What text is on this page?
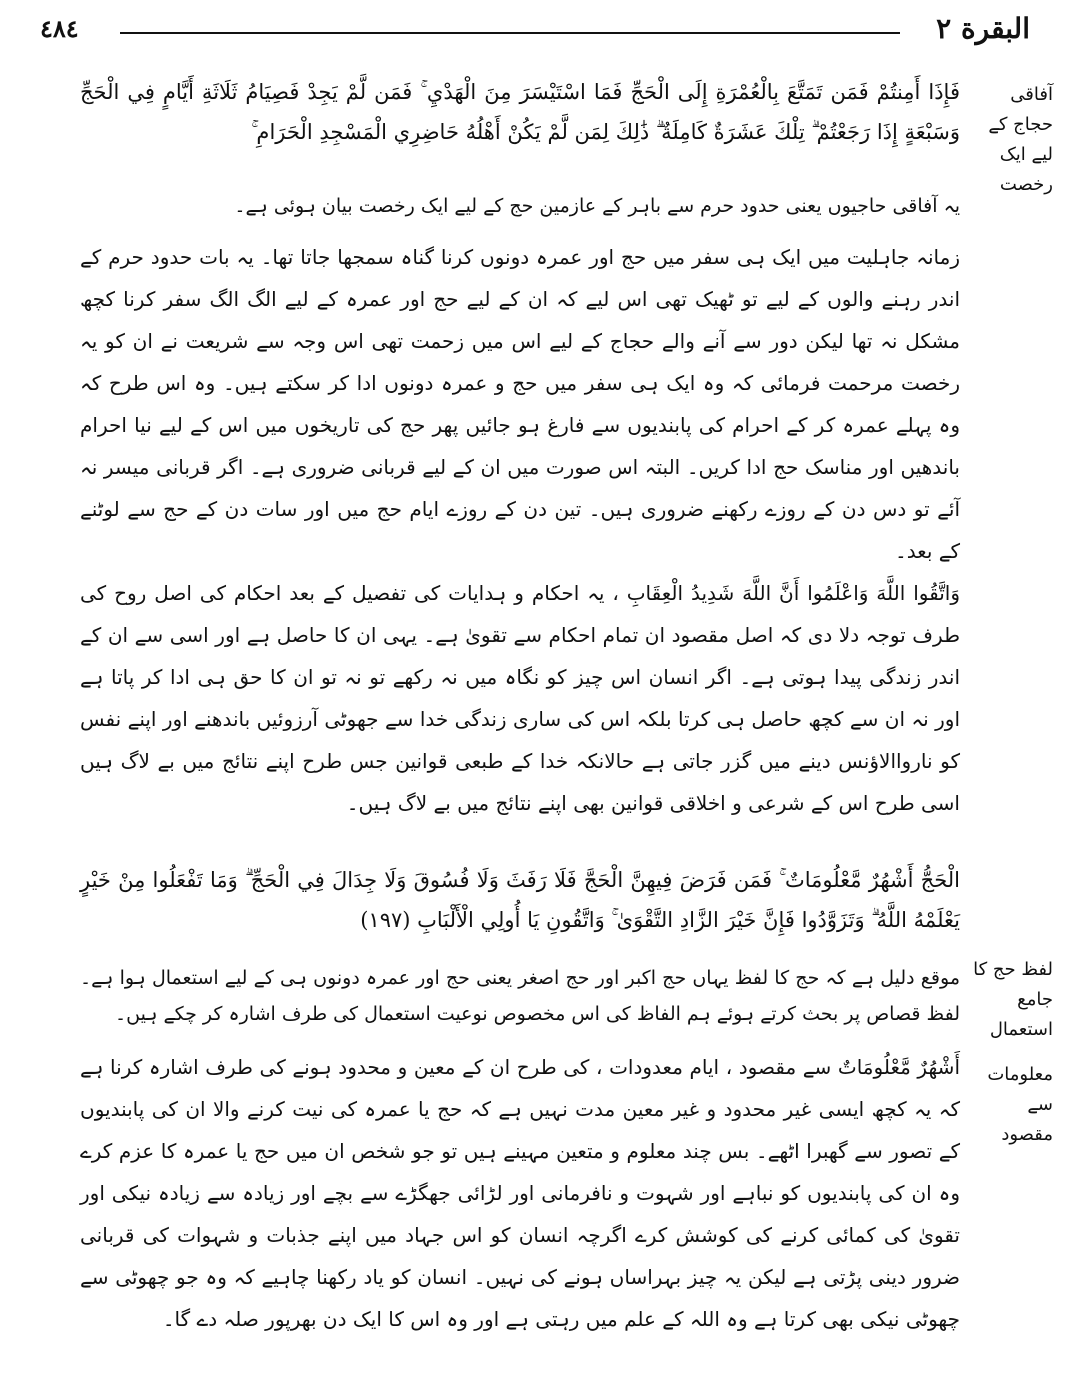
البقرة ٢
٤٨٤
آفاقی حجاج کے لیے ایک رخصت
لفظ حج کا جامع استعمال
معلومات سے مقصود
فَإِذَا أَمِنتُمْ فَمَن تَمَتَّعَ بِالْعُمْرَةِ إِلَى الْحَجِّ فَمَا اسْتَيْسَرَ مِنَ الْهَدْيِ ۚ فَمَن لَّمْ يَجِدْ فَصِيَامُ ثَلَاثَةِ أَيَّامٍ فِي الْحَجِّ وَسَبْعَةٍ إِذَا رَجَعْتُمْ ۗ تِلْكَ عَشَرَةٌ كَامِلَةٌ ۗ ذَٰلِكَ لِمَن لَّمْ يَكُنْ أَهْلُهُ حَاضِرِي الْمَسْجِدِ الْحَرَامِ ۚ
یہ آفاقی حاجیوں یعنی حدود حرم سے باہر کے عازمین حج کے لیے ایک رخصت بیان ہوئی ہے۔
زمانہ جاہلیت میں ایک ہی سفر میں حج اور عمرہ دونوں کرنا گناہ سمجھا جاتا تھا۔ یہ بات حدود حرم کے اندر رہنے والوں کے لیے تو ٹھیک تھی اس لیے کہ ان کے لیے حج اور عمرہ کے لیے الگ الگ سفر کرنا کچھ مشکل نہ تھا لیکن دور سے آنے والے حجاج کے لیے اس میں زحمت تھی اس وجہ سے شریعت نے ان کو یہ رخصت مرحمت فرمائی کہ وہ ایک ہی سفر میں حج و عمرہ دونوں ادا کر سکتے ہیں۔ وہ اس طرح کہ وہ پہلے عمرہ کر کے احرام کی پابندیوں سے فارغ ہو جائیں پھر حج کی تاریخوں میں اس کے لیے نیا احرام باندھیں اور مناسک حج ادا کریں۔ البتہ اس صورت میں ان کے لیے قربانی ضروری ہے۔ اگر قربانی میسر نہ آئے تو دس دن کے روزے رکھنے ضروری ہیں۔ تین دن کے روزے ایام حج میں اور سات دن کے حج سے لوٹنے کے بعد۔
وَاتَّقُوا اللَّهَ وَاعْلَمُوا أَنَّ اللَّهَ شَدِيدُ الْعِقَابِ ، یہ احکام و ہدایات کی تفصیل کے بعد احکام کی اصل روح کی طرف توجہ دلا دی کہ اصل مقصود ان تمام احکام سے تقویٰ ہے۔ یہی ان کا حاصل ہے اور اسی سے ان کے اندر زندگی پیدا ہوتی ہے۔ اگر انسان اس چیز کو نگاہ میں نہ رکھے تو نہ تو ان کا حق ہی ادا کر پاتا ہے اور نہ ان سے کچھ حاصل ہی کرتا بلکہ اس کی ساری زندگی خدا سے جھوٹی آرزوئیں باندھنے اور اپنے نفس کو نارواالاؤنس دینے میں گزر جاتی ہے حالانکہ خدا کے طبعی قوانین جس طرح اپنے نتائج میں بے لاگ ہیں اسی طرح اس کے شرعی و اخلاقی قوانین بھی اپنے نتائج میں بے لاگ ہیں۔
الْحَجُّ أَشْهُرٌ مَّعْلُومَاتٌ ۚ فَمَن فَرَضَ فِيهِنَّ الْحَجَّ فَلَا رَفَثَ وَلَا فُسُوقَ وَلَا جِدَالَ فِي الْحَجِّ ۗ وَمَا تَفْعَلُوا مِنْ خَيْرٍ يَعْلَمْهُ اللَّهُ ۗ وَتَزَوَّدُوا فَإِنَّ خَيْرَ الزَّادِ التَّقْوَىٰ ۚ وَاتَّقُونِ يَا أُولِي الْأَلْبَابِ (۱۹۷)
موقع دلیل ہے کہ حج کا لفظ یہاں حج اکبر اور حج اصغر یعنی حج اور عمرہ دونوں ہی کے لیے استعمال ہوا ہے۔ لفظ قصاص پر بحث کرتے ہوئے ہم الفاظ کی اس مخصوص نوعیت استعمال کی طرف اشارہ کر چکے ہیں۔
أَشْهُرٌ مَّعْلُومَاتٌ سے مقصود ، ایام معدودات ، کی طرح ان کے معین و محدود ہونے کی طرف اشارہ کرنا ہے کہ یہ کچھ ایسی غیر محدود و غیر معین مدت نہیں ہے کہ حج یا عمرہ کی نیت کرنے والا ان کی پابندیوں کے تصور سے گھبرا اٹھے۔ بس چند معلوم و متعین مہینے ہیں تو جو شخص ان میں حج یا عمرہ کا عزم کرے وہ ان کی پابندیوں کو نباہے اور شہوت و نافرمانی اور لڑائی جھگڑے سے بچے اور زیادہ سے زیادہ نیکی اور تقویٰ کی کمائی کرنے کی کوشش کرے اگرچہ انسان کو اس جہاد میں اپنے جذبات و شہوات کی قربانی ضرور دینی پڑتی ہے لیکن یہ چیز بہراساں ہونے کی نہیں۔ انسان کو یاد رکھنا چاہیے کہ وہ جو چھوٹی سے چھوٹی نیکی بھی کرتا ہے وہ اللہ کے علم میں رہتی ہے اور وہ اس کا ایک دن بھرپور صلہ دے گا۔
